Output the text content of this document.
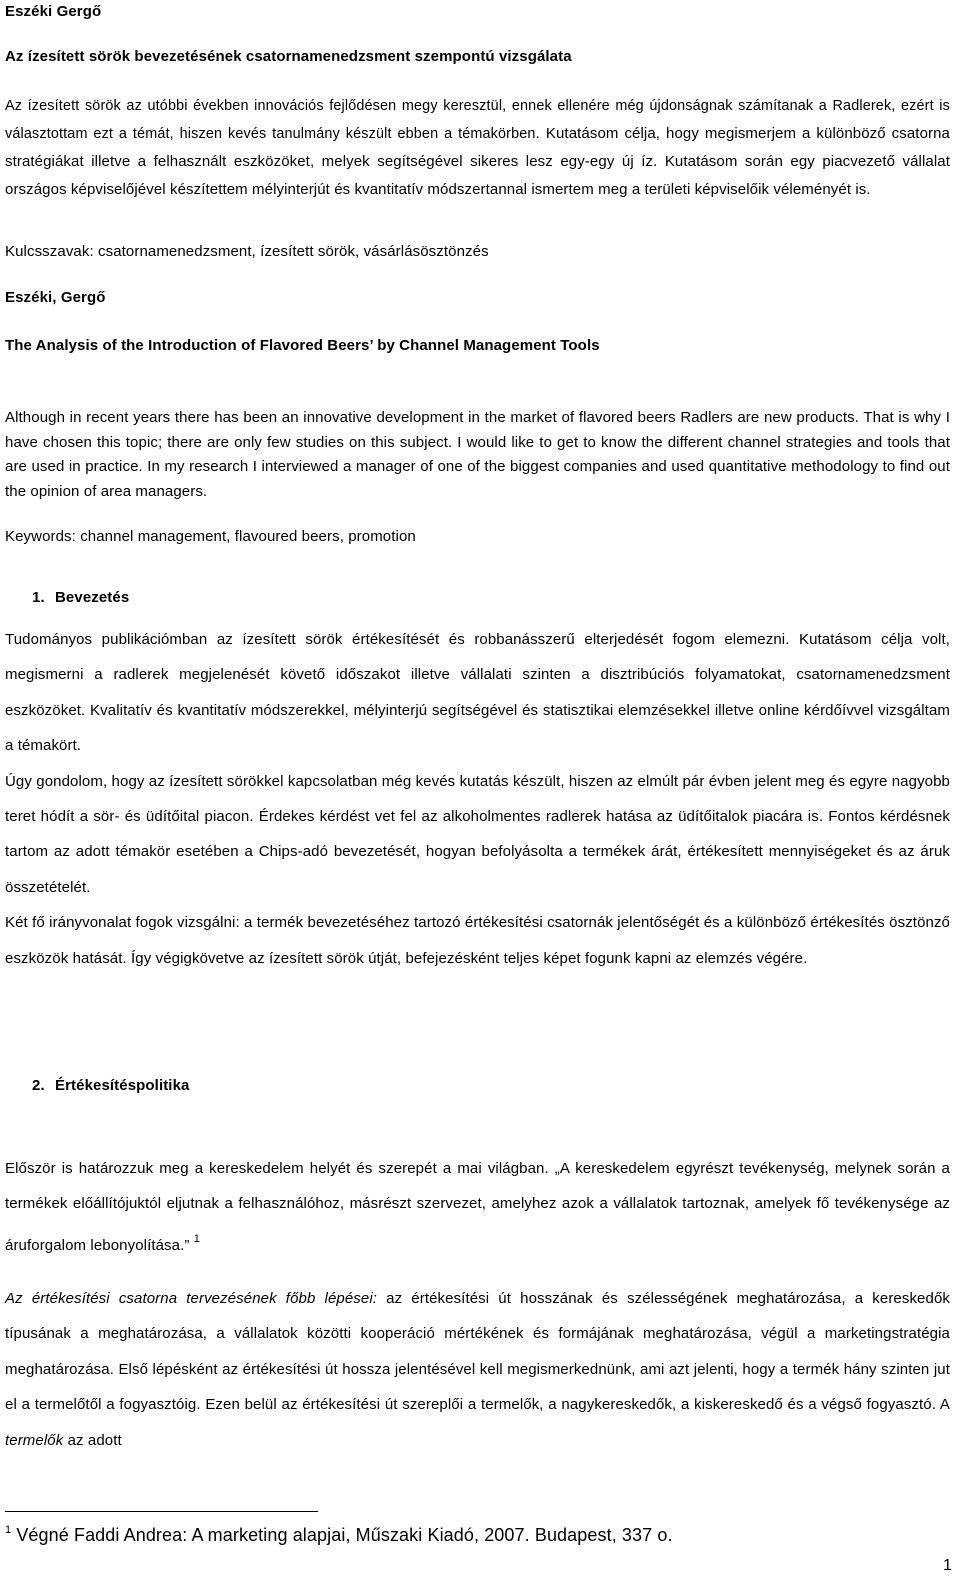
Eszéki Gergő
Az ízesített sörök bevezetésének csatornamenedzsment szempontú vizsgálata

Az ízesített sörök az utóbbi években innovációs fejlődésen megy keresztül, ennek ellenére még újdonságnak számítanak a Radlerek, ezért is választottam ezt a témát, hiszen kevés tanulmány készült ebben a témakörben. Kutatásom célja, hogy megismerjem a különböző csatorna stratégiákat illetve a felhasznált eszközöket, melyek segítségével sikeres lesz egy-egy új íz. Kutatásom során egy piacvezető vállalat országos képviselőjével készítettem mélyinterjút és kvantitatív módszertannal ismertem meg a területi képviselőik véleményét is.

Kulcsszavak: csatornamenedzsment, ízesített sörök, vásárlásösztönzés
Eszéki, Gergő
The Analysis of the Introduction of Flavored Beers’ by Channel Management Tools

Although in recent years there has been an innovative development in the market of flavored beers Radlers are new products. That is why I have chosen this topic; there are only few studies on this subject. I would like to get to know the different channel strategies and tools that are used in practice. In my research I interviewed a manager of one of the biggest companies and used quantitative methodology to find out the opinion of area managers.

Keywords: channel management, flavoured beers, promotion
1. Bevezetés

Tudományos publikációmban az ízesített sörök értékesítését és robbanásszerű elterjedését fogom elemezni. Kutatásom célja volt, megismerni a radlerek megjelenését követő időszakot illetve vállalati szinten a disztribúciós folyamatokat, csatornamenedzsment eszközöket. Kvalitatív és kvantitatív módszerekkel, mélyinterjú segítségével és statisztikai elemzésekkel illetve online kérdőívvel vizsgáltam a témakört.

Úgy gondolom, hogy az ízesített sörökkel kapcsolatban még kevés kutatás készült, hiszen az elmúlt pár évben jelent meg és egyre nagyobb teret hódít a sör- és üdítőital piacon. Érdekes kérdést vet fel az alkoholmentes radlerek hatása az üdítőitalok piacára is. Fontos kérdésnek tartom az adott témakör esetében a Chips-adó bevezetését, hogyan befolyásolta a termékek árát, értékesített mennyiségeket és az áruk összetételét.

Két fő irányvonalat fogok vizsgálni: a termék bevezetéséhez tartozó értékesítési csatornák jelentőségét és a különböző értékesítés ösztönző eszközök hatását. Így végigkövetve az ízesített sörök útját, befejezésként teljes képet fogunk kapni az elemzés végére.

2. Értékesítéspolitika

Először is határozzuk meg a kereskedelem helyét és szerepét a mai világban. „A kereskedelem egyrészt tevékenység, melynek során a termékek előállítójuktól eljutnak a felhasználóhoz, másrészt szervezet, amelyhez azok a vállalatok tartoznak, amelyek fő tevékenysége az áruforgalom lebonyolítása.” $^1$

Az értékesítési csatorna tervezésének főbb lépései: az értékesítési út hosszának és szélességének meghatározása, a kereskedők típusának a meghatározása, a vállalatok közötti kooperáció mértékének és formájának meghatározása, végül a marketingstratégia meghatározása. Első lépésként az értékesítési út hossza jelentésével kell megismerkednünk, ami azt jelenti, hogy a termék hány szinten jut el a termelőtől a fogyasztóig. Ezen belül az értékesítési út szereplői a termelők, a nagykereskedők, a kiskereskedő és a végső fogyasztó. A termelők az adott

$^1$ Végné Faddi Andrea: A marketing alapjai, Műszaki Kiadó, 2007. Budapest, 337 o.
1
